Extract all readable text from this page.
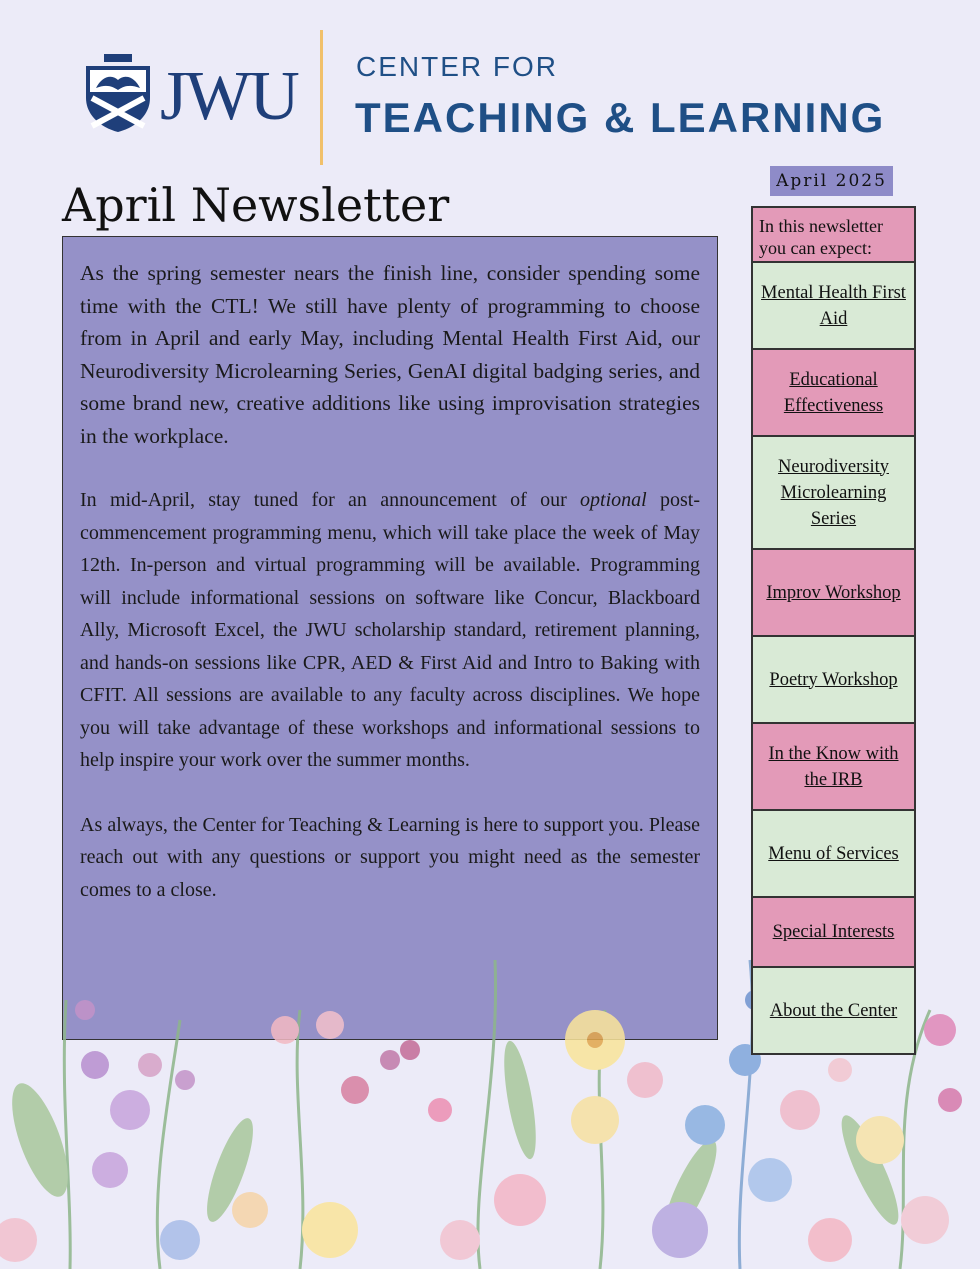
JWU CENTER FOR
TEACHING & LEARNING
April Newsletter	April 2025

As the spring semester nears the finish line, consider spending some time with the CTL! We still have plenty of programming to choose from in April and early May, including Mental Health First Aid, our Neurodiversity Microlearning Series, GenAI digital badging series, and some brand new, creative additions like using improvisation strategies in the workplace.

In mid-April, stay tuned for an announcement of our optional post-commencement programming menu, which will take place the week of May 12th. In-person and virtual programming will be available. Programming will include informational sessions on software like Concur, Blackboard Ally, Microsoft Excel, the JWU scholarship standard, retirement planning, and hands-on sessions like CPR, AED & First Aid and Intro to Baking with CFIT. All sessions are available to any faculty across disciplines. We hope you will take advantage of these workshops and informational sessions to help inspire your work over the summer months.

As always, the Center for Teaching & Learning is here to support you. Please reach out with any questions or support you might need as the semester comes to a close.

In this newsletter you can expect:
Mental Health First Aid
Educational Effectiveness
Neurodiversity Microlearning Series
Improv Workshop
Poetry Workshop
In the Know with the IRB
Menu of Services
Special Interests
About the Center
